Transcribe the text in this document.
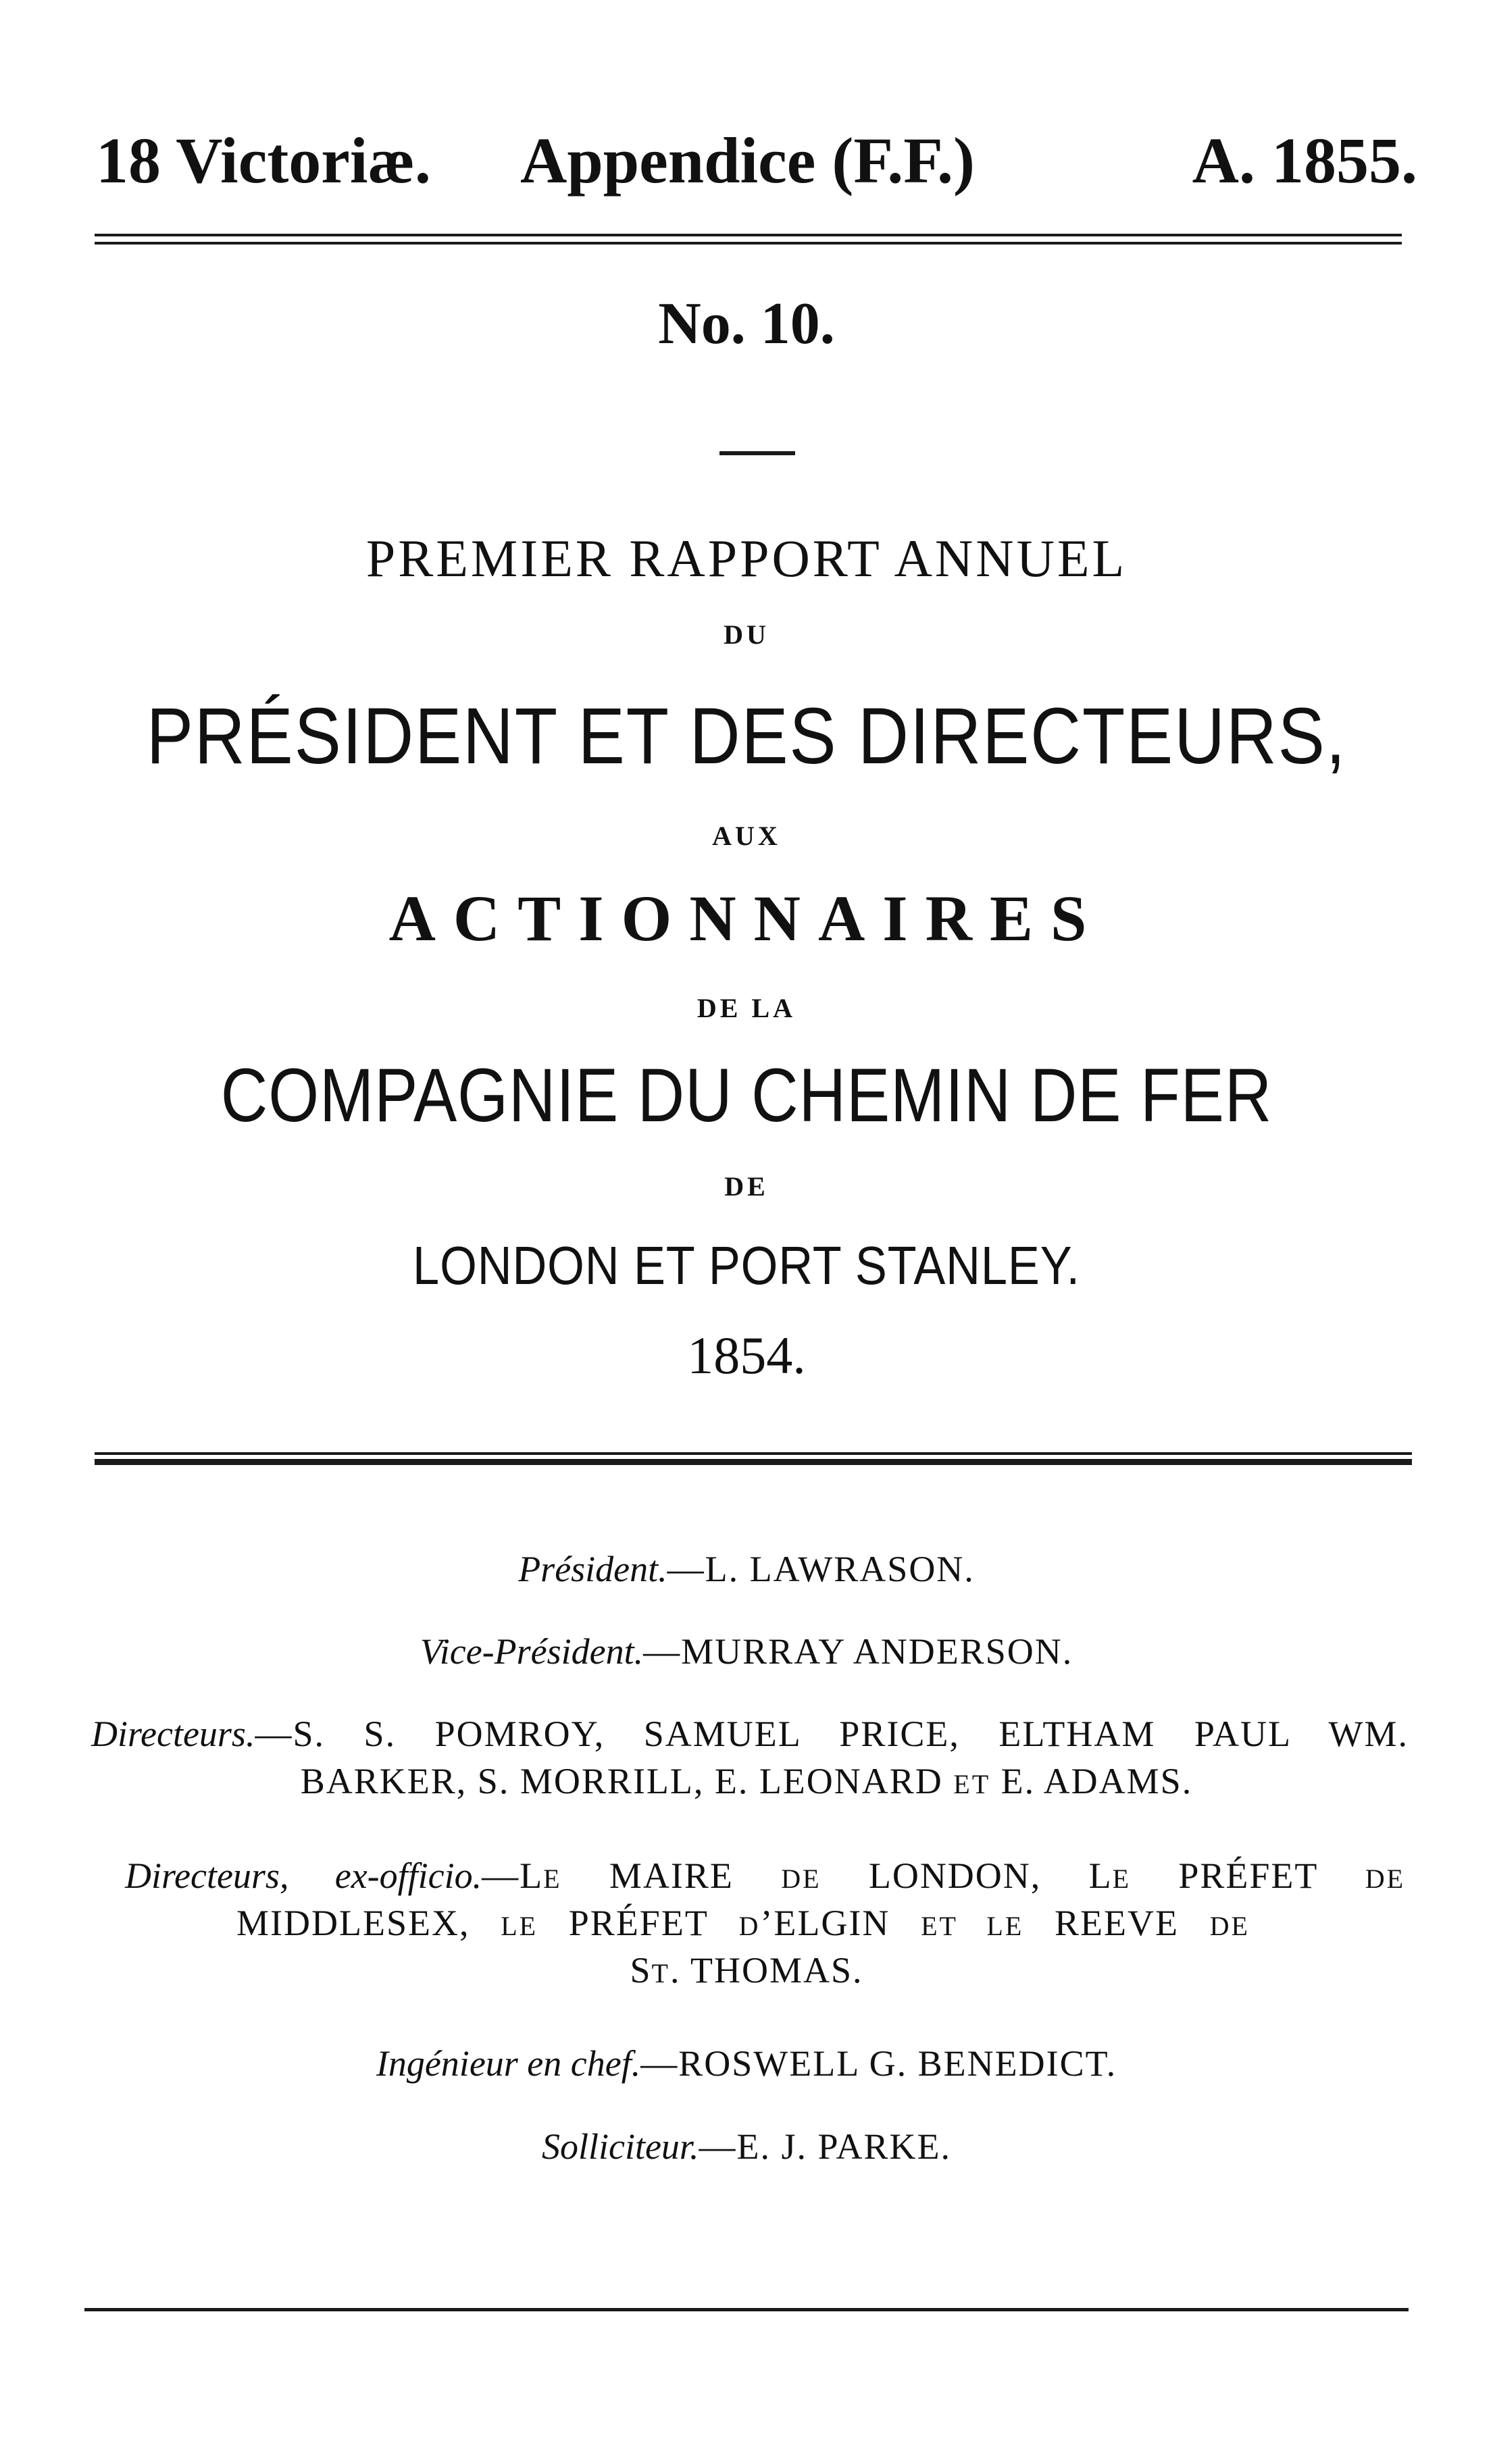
18 Victoriæ. Appendice (F.F.)	A. 1855.
No. 10.
PREMIER RAPPORT ANNUEL
DU
PRÉSIDENT ET DES DIRECTEURS,
AUX
ACTIONNAIRES
DE LA
COMPAGNIE DU CHEMIN DE FER
DE
LONDON ET PORT STANLEY.
1854.
Président.—L. LAWRASON.
Vice-Président.—MURRAY ANDERSON.
Directeurs.—S. S. POMROY, SAMUEL PRICE, ELTHAM PAUL WM.
BARKER, S. MORRILL, E. LEONARD ET E. ADAMS.
Directeurs, ex-officio.—LE MAIRE DE LONDON, LE PRÉFET DE
MIDDLESEX, LE PRÉFET D’ELGIN ET LE REEVE DE
ST. THOMAS.
Ingénieur en chef.—ROSWELL G. BENEDICT.
Solliciteur.—E. J. PARKE.
